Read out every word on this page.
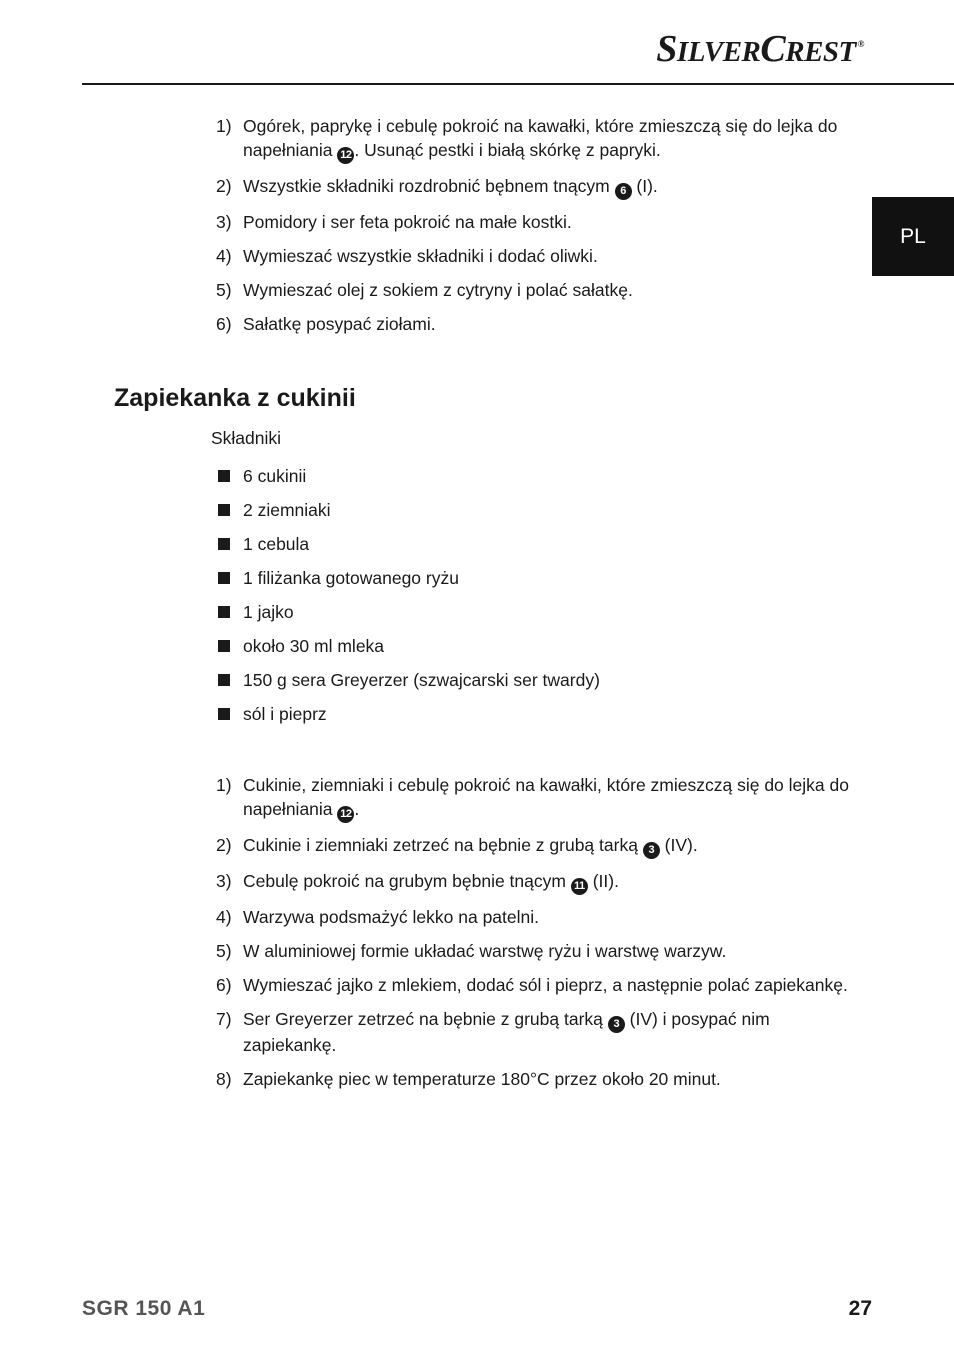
SILVERCREST ®
PL
1) Ogórek, paprykę i cebulę pokroić na kawałki, które zmieszczą się do lejka do napełniania 12 . Usunąć pestki i białą skórkę z papryki.
2) Wszystkie składniki rozdrobnić bębnem tnącym 6 (I).
3) Pomidory i ser feta pokroić na małe kostki.
4) Wymieszać wszystkie składniki i dodać oliwki.
5) Wymieszać olej z sokiem z cytryny i polać sałatkę.
6) Sałatkę posypać ziołami.
Zapiekanka z cukinii
Składniki
6 cukinii
2 ziemniaki
1 cebula
1 filiżanka gotowanego ryżu
1 jajko
około 30 ml mleka
150 g sera Greyerzer (szwajcarski ser twardy)
sól i pieprz
1) Cukinie, ziemniaki i cebulę pokroić na kawałki, które zmieszczą się do lejka do napełniania 12 .
2) Cukinie i ziemniaki zetrzeć na bębnie z grubą tarką 3 (IV).
3) Cebulę pokroić na grubym bębnie tnącym 11 (II).
4) Warzywa podsmażyć lekko na patelni.
5) W aluminiowej formie układać warstwę ryżu i warstwę warzyw.
6) Wymieszać jajko z mlekiem, dodać sól i pieprz, a następnie polać zapiekankę.
7) Ser Greyerzer zetrzeć na bębnie z grubą tarką 3 (IV) i posypać nim zapiekankę.
8) Zapiekankę piec w temperaturze 180°C przez około 20 minut.
SGR 150 A1	27
